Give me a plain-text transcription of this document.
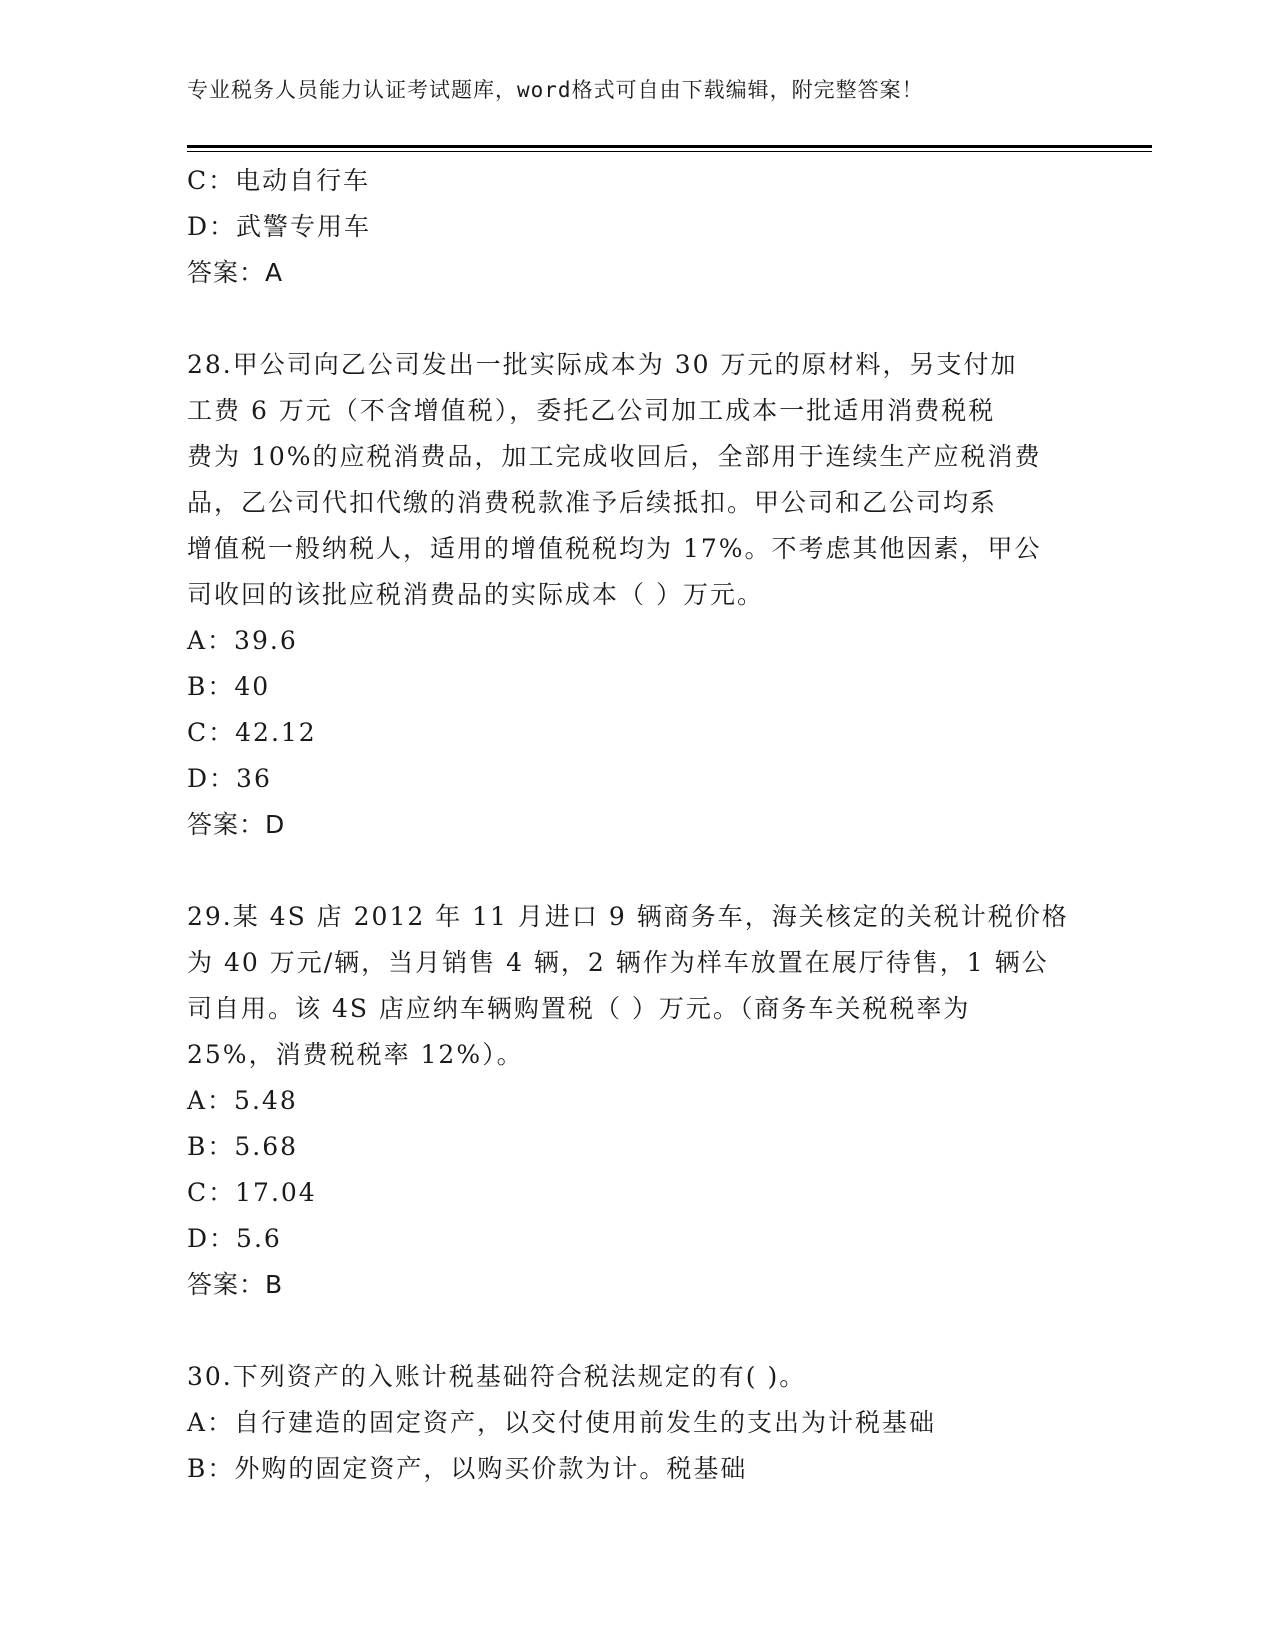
专业税务人员能力认证考试题库，word格式可自由下载编辑，附完整答案！
C：电动自行车
D：武警专用车
答案：A
28.甲公司向乙公司发出一批实际成本为 30 万元的原材料，另支付加
工费 6 万元（不含增值税），委托乙公司加工成本一批适用消费税税
费为 10%的应税消费品，加工完成收回后，全部用于连续生产应税消费
品，乙公司代扣代缴的消费税款准予后续抵扣。甲公司和乙公司均系
增值税一般纳税人，适用的增值税税均为 17%。不考虑其他因素，甲公
司收回的该批应税消费品的实际成本（ ）万元。
A：39.6
B：40
C：42.12
D：36
答案：D
29.某 4S 店 2012 年 11 月进口 9 辆商务车，海关核定的关税计税价格
为 40 万元/辆，当月销售 4 辆，2 辆作为样车放置在展厅待售，1 辆公
司自用。该 4S 店应纳车辆购置税（ ）万元。（商务车关税税率为
25%，消费税税率 12%）。
A：5.48
B：5.68
C：17.04
D：5.6
答案：B
30.下列资产的入账计税基础符合税法规定的有( )。
A：自行建造的固定资产，以交付使用前发生的支出为计税基础
B：外购的固定资产，以购买价款为计。税基础
